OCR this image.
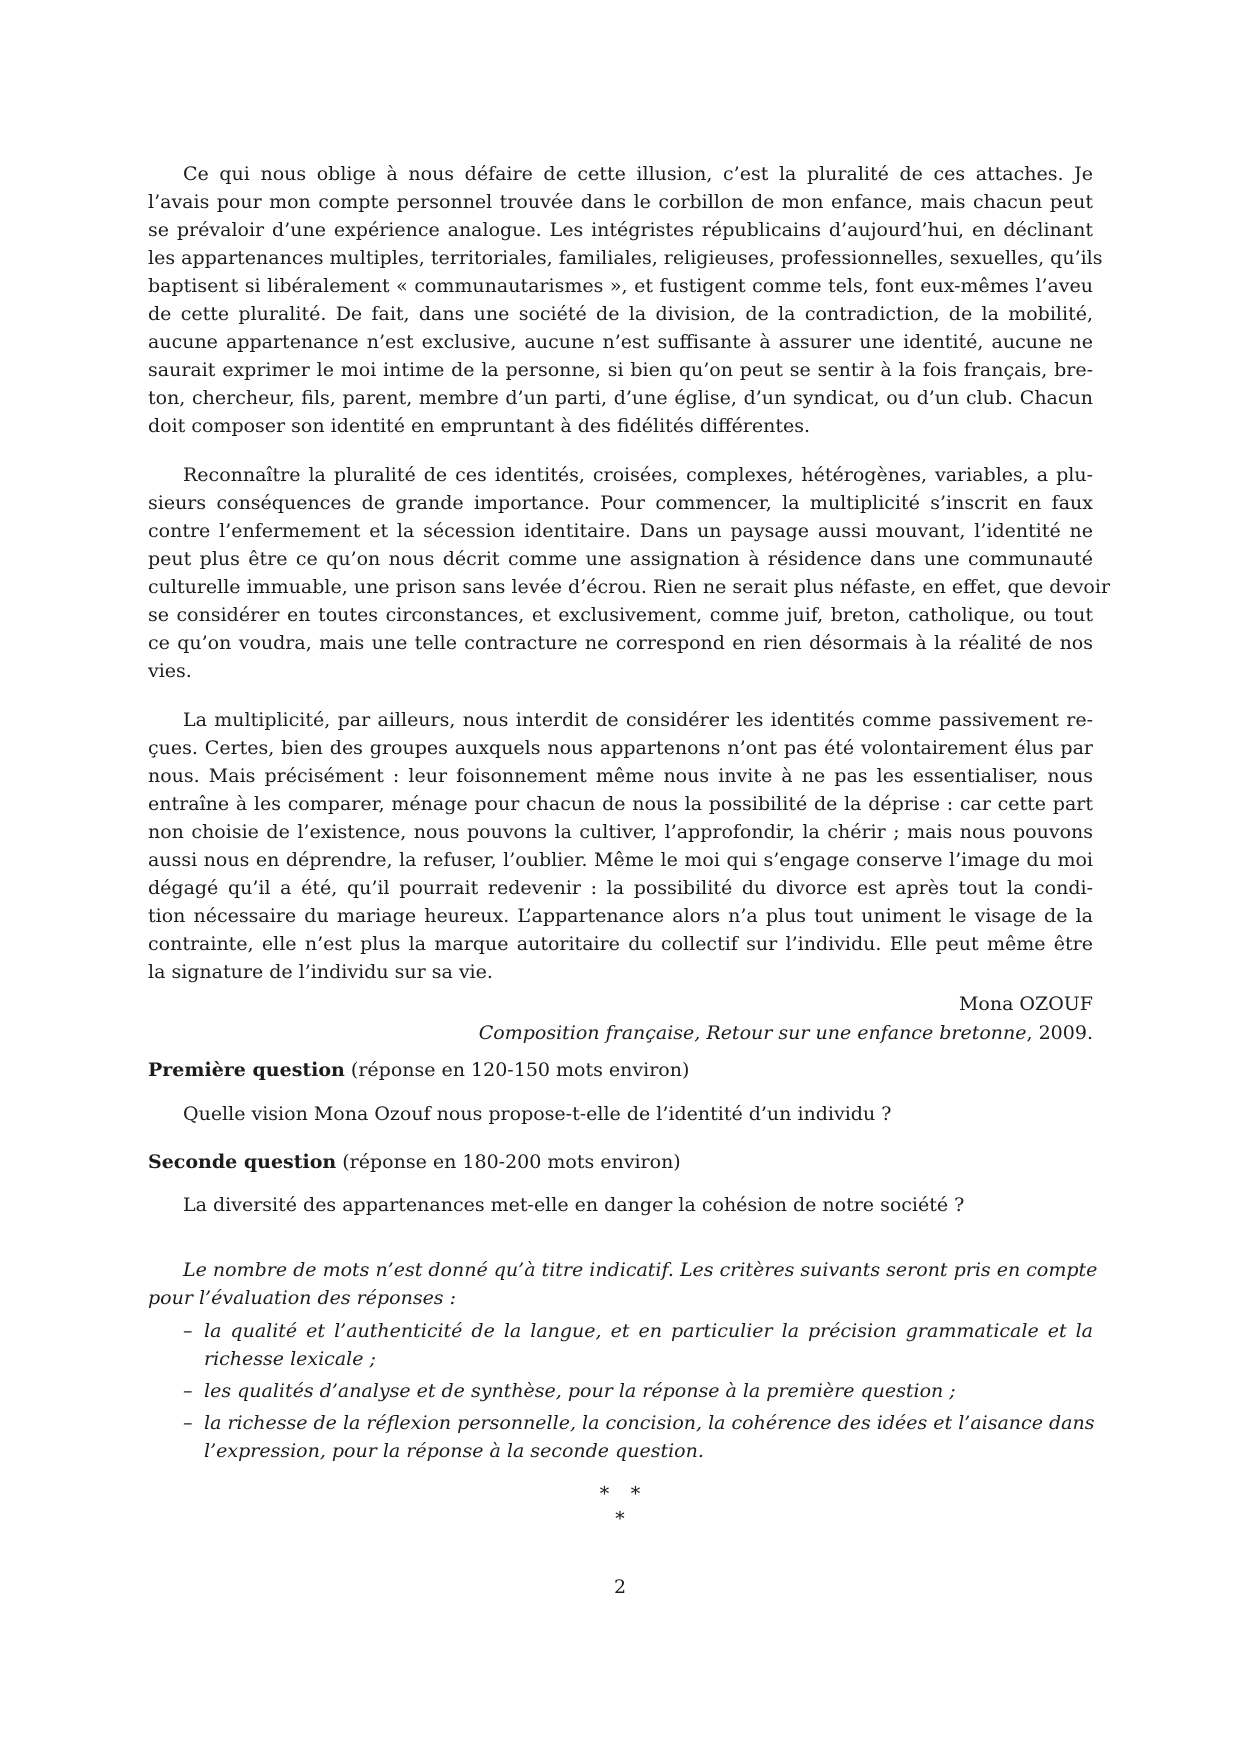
Ce qui nous oblige à nous défaire de cette illusion, c’est la pluralité de ces attaches. Je
l’avais pour mon compte personnel trouvée dans le corbillon de mon enfance, mais chacun peut
se prévaloir d’une expérience analogue. Les intégristes républicains d’aujourd’hui, en déclinant
les appartenances multiples, territoriales, familiales, religieuses, professionnelles, sexuelles, qu’ils
baptisent si libéralement « communautarismes », et fustigent comme tels, font eux-mêmes l’aveu
de cette pluralité. De fait, dans une société de la division, de la contradiction, de la mobilité,
aucune appartenance n’est exclusive, aucune n’est suffisante à assurer une identité, aucune ne
saurait exprimer le moi intime de la personne, si bien qu’on peut se sentir à la fois français, bre-
ton, chercheur, fils, parent, membre d’un parti, d’une église, d’un syndicat, ou d’un club. Chacun
doit composer son identité en empruntant à des fidélités différentes.
Reconnaître la pluralité de ces identités, croisées, complexes, hétérogènes, variables, a plu-
sieurs conséquences de grande importance. Pour commencer, la multiplicité s’inscrit en faux
contre l’enfermement et la sécession identitaire. Dans un paysage aussi mouvant, l’identité ne
peut plus être ce qu’on nous décrit comme une assignation à résidence dans une communauté
culturelle immuable, une prison sans levée d’écrou. Rien ne serait plus néfaste, en effet, que devoir
se considérer en toutes circonstances, et exclusivement, comme juif, breton, catholique, ou tout
ce qu’on voudra, mais une telle contracture ne correspond en rien désormais à la réalité de nos
vies.
La multiplicité, par ailleurs, nous interdit de considérer les identités comme passivement re-
çues. Certes, bien des groupes auxquels nous appartenons n’ont pas été volontairement élus par
nous. Mais précisément : leur foisonnement même nous invite à ne pas les essentialiser, nous
entraîne à les comparer, ménage pour chacun de nous la possibilité de la déprise : car cette part
non choisie de l’existence, nous pouvons la cultiver, l’approfondir, la chérir ; mais nous pouvons
aussi nous en déprendre, la refuser, l’oublier. Même le moi qui s’engage conserve l’image du moi
dégagé qu’il a été, qu’il pourrait redevenir : la possibilité du divorce est après tout la condi-
tion nécessaire du mariage heureux. L’appartenance alors n’a plus tout uniment le visage de la
contrainte, elle n’est plus la marque autoritaire du collectif sur l’individu. Elle peut même être
la signature de l’individu sur sa vie.
Mona OZOUF
Composition française, Retour sur une enfance bretonne, 2009.
Première question (réponse en 120-150 mots environ)
Quelle vision Mona Ozouf nous propose-t-elle de l’identité d’un individu ?
Seconde question (réponse en 180-200 mots environ)
La diversité des appartenances met-elle en danger la cohésion de notre société ?
Le nombre de mots n’est donné qu’à titre indicatif. Les critères suivants seront pris en compte
pour l’évaluation des réponses :
– la qualité et l’authenticité de la langue, et en particulier la précision grammaticale et la
richesse lexicale ;
– les qualités d’analyse et de synthèse, pour la réponse à la première question ;
– la richesse de la réflexion personnelle, la concision, la cohérence des idées et l’aisance dans
l’expression, pour la réponse à la seconde question.
∗   ∗
∗
2
